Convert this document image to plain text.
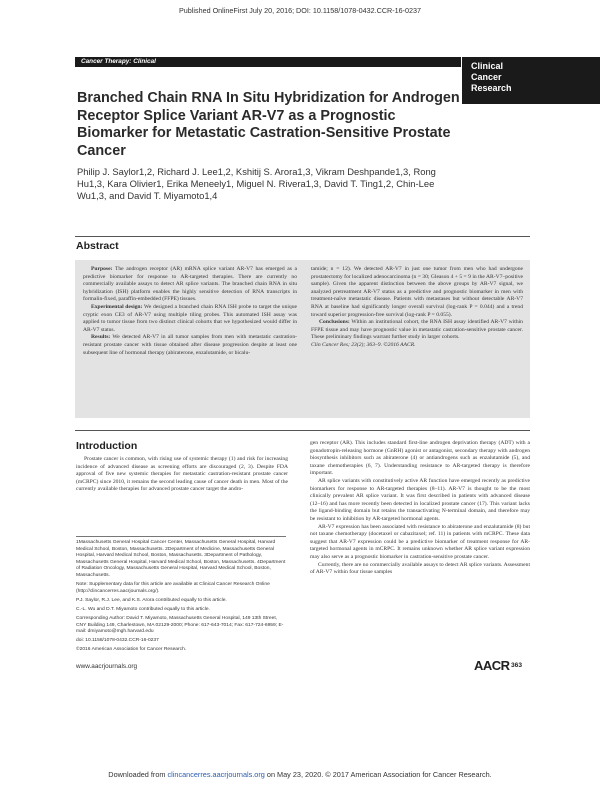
Published OnlineFirst July 20, 2016; DOI: 10.1158/1078-0432.CCR-16-0237
Cancer Therapy: Clinical	Clinical
Cancer
Research
Branched Chain RNA In Situ Hybridization for Androgen Receptor Splice Variant AR-V7 as a Prognostic Biomarker for Metastatic Castration-Sensitive Prostate Cancer
Philip J. Saylor1,2, Richard J. Lee1,2, Kshitij S. Arora1,3, Vikram Deshpande1,3, Rong Hu1,3, Kara Olivier1, Erika Meneely1, Miguel N. Rivera1,3, David T. Ting1,2, Chin-Lee Wu1,3, and David T. Miyamoto1,4
Abstract

Purpose: The androgen receptor (AR) mRNA splice variant AR-V7 has emerged as a predictive biomarker for response to AR-targeted therapies. There are currently no commercially available assays to detect AR splice variants. The branched chain RNA in situ hybridization (ISH) platform enables the highly sensitive detection of RNA transcripts in formalin-fixed, paraffin-embedded (FFPE) tissues.

Experimental design: We designed a branched chain RNA ISH probe to target the unique cryptic exon CE3 of AR-V7 using multiple tiling probes. This automated ISH assay was applied to tumor tissue from two distinct clinical cohorts that we hypothesized would differ in AR-V7 status.

Results: We detected AR-V7 in all tumor samples from men with metastatic castration-resistant prostate cancer with tissue obtained after disease progression despite at least one subsequent line of hormonal therapy (abiraterone, enzalutamide, or bicalu-

tamide; n = 12). We detected AR-V7 in just one tumor from men who had undergone prostatectomy for localized adenocarcinoma (n = 30; Gleason 4 + 5 = 9 in the AR-V7–positive sample). Given the apparent distinction between the above groups by AR-V7 signal, we analyzed pretreatment AR-V7 status as a predictive and prognostic biomarker in men with treatment-naïve metastatic disease. Patients with metastases but without detectable AR-V7 RNA at baseline had significantly longer overall survival (log-rank P = 0.044) and a trend toward superior progression-free survival (log-rank P = 0.055).

Conclusions: Within an institutional cohort, the RNA ISH assay identified AR-V7 within FFPE tissue and may have prognostic value in metastatic castration-sensitive prostate cancer. These preliminary findings warrant further study in larger cohorts.

Clin Cancer Res; 23(2); 363–9. ©2016 AACR.

Introduction

Prostate cancer is common, with rising use of systemic therapy (1) and risk for increasing incidence of advanced disease as screening efforts are discouraged (2, 3). Despite FDA approval of five new systemic therapies for metastatic castration-resistant prostate cancer (mCRPC) since 2010, it remains the second leading cause of cancer death in men. Most of the currently available therapies for advanced prostate cancer target the andro-

1Massachusetts General Hospital Cancer Center, Massachusetts General Hospital, Harvard Medical School, Boston, Massachusetts. 2Department of Medicine, Massachusetts General Hospital, Harvard Medical School, Boston, Massachusetts. 3Department of Pathology, Massachusetts General Hospital, Harvard Medical School, Boston, Massachusetts. 4Department of Radiation Oncology, Massachusetts General Hospital, Harvard Medical School, Boston, Massachusetts.

Note: Supplementary data for this article are available at Clinical Cancer Research Online (http://clincancerres.aacrjournals.org/).

P.J. Saylor, R.J. Lee, and K.S. Arora contributed equally to this article.

C.-L. Wu and D.T. Miyamoto contributed equally to this article.

Corresponding Author: David T. Miyamoto, Massachusetts General Hospital, 149 13th Street, CNY Building 149, Charlestown, MA 02129-2000; Phone: 617-643-7014; Fax: 617-724-6959; E-mail: dmiyamoto@mgh.harvard.edu

doi: 10.1158/1078-0432.CCR-16-0237

©2016 American Association for Cancer Research.

gen receptor (AR). This includes standard first-line androgen deprivation therapy (ADT) with a gonadotropin-releasing hormone (GnRH) agonist or antagonist, secondary therapy with androgen biosynthesis inhibitors such as abiraterone (4) or antiandrogens such as enzalutamide (5), and taxane chemotherapies (6, 7). Understanding resistance to AR-targeted therapy is therefore important.

AR splice variants with constitutively active AR function have emerged recently as predictive biomarkers for response to AR-targeted therapies (8–11). AR-V7 is thought to be the most clinically prevalent AR splice variant. It was first described in patients with advanced disease (12–16) and has more recently been detected in localized prostate cancer (17). This variant lacks the ligand-binding domain but retains the transactivating N-terminal domain, and therefore may be resistant to inhibition by AR-targeted hormonal agents.

AR-V7 expression has been associated with resistance to abiraterone and enzalutamide (8) but not taxane chemotherapy (docetaxel or cabazitaxel; ref. 11) in patients with mCRPC. These data suggest that AR-V7 expression could be a predictive biomarker of treatment response for AR-targeted hormonal agents in mCRPC. It remains unknown whether AR splice variant expression may also serve as a prognostic biomarker in castration-sensitive prostate cancer.

Currently, there are no commercially available assays to detect AR splice variants. Assessment of AR-V7 within four tissue samples

www.aacrjournals.org	AACR 363
Downloaded from clincancerres.aacrjournals.org on May 23, 2020. © 2017 American Association for Cancer Research.
